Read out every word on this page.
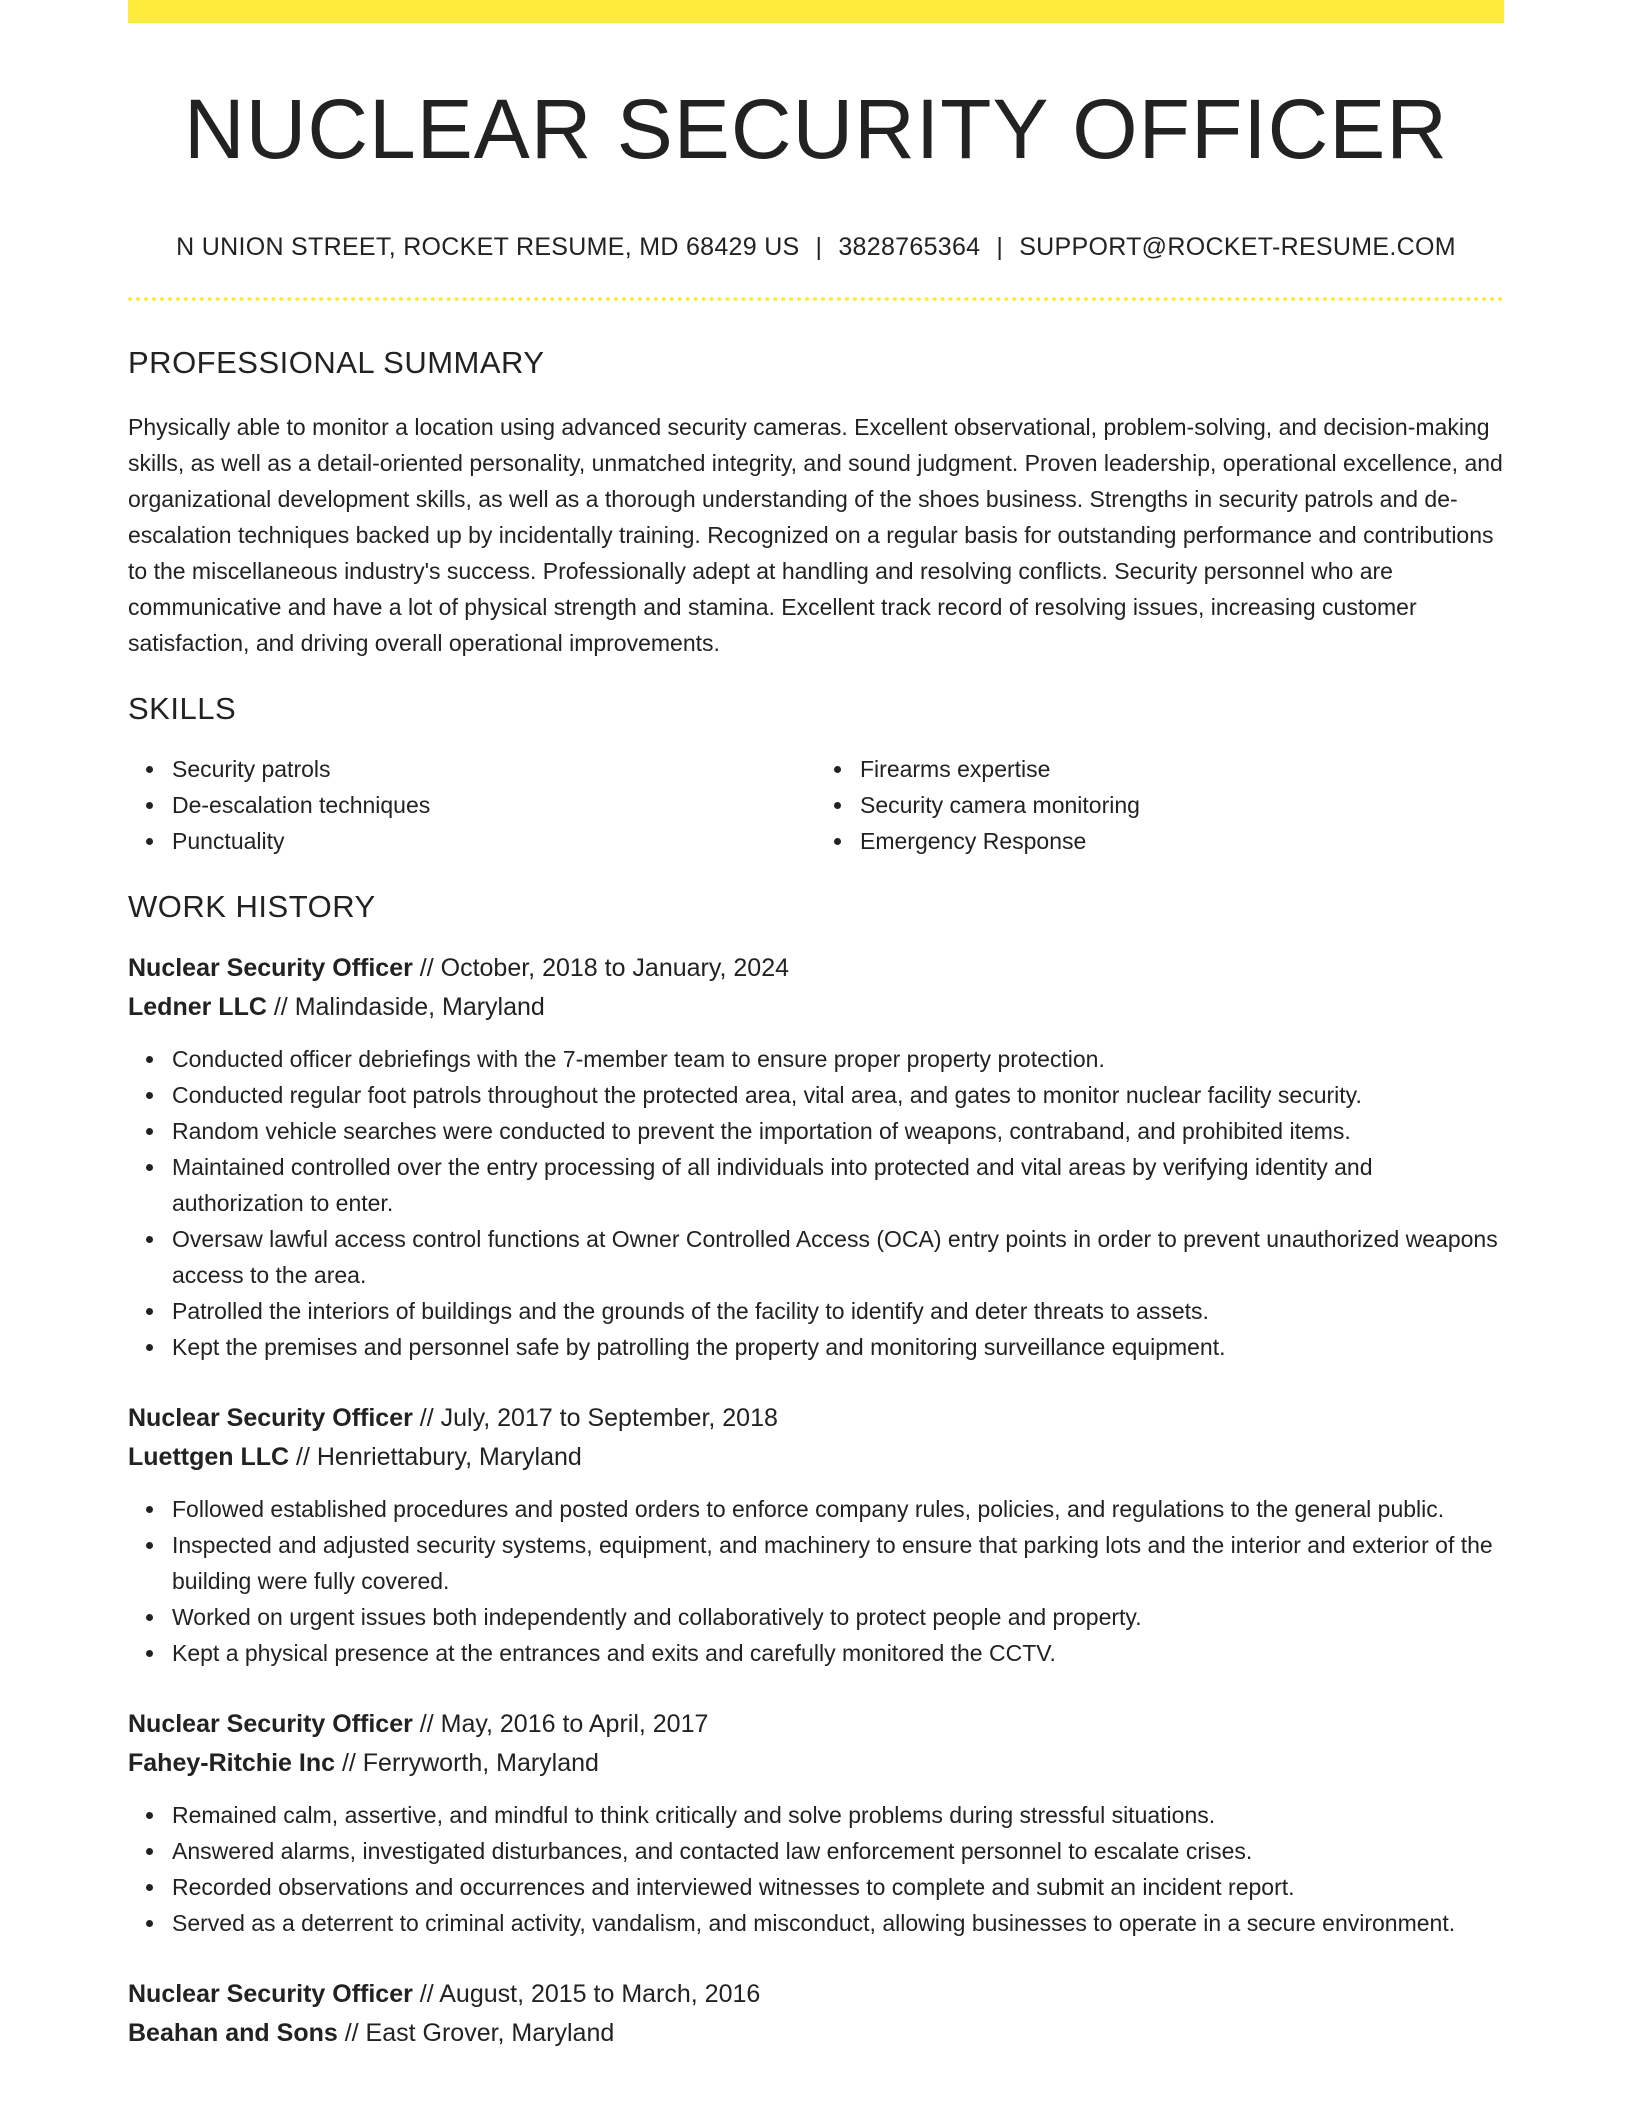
NUCLEAR SECURITY OFFICER
N UNION STREET, ROCKET RESUME, MD 68429 US | 3828765364 | SUPPORT@ROCKET-RESUME.COM
PROFESSIONAL SUMMARY

Physically able to monitor a location using advanced security cameras. Excellent observational, problem-solving, and decision-making skills, as well as a detail-oriented personality, unmatched integrity, and sound judgment. Proven leadership, operational excellence, and organizational development skills, as well as a thorough understanding of the shoes business. Strengths in security patrols and de-escalation techniques backed up by incidentally training. Recognized on a regular basis for outstanding performance and contributions to the miscellaneous industry's success. Professionally adept at handling and resolving conflicts. Security personnel who are communicative and have a lot of physical strength and stamina. Excellent track record of resolving issues, increasing customer satisfaction, and driving overall operational improvements.

SKILLS
Security patrols
De-escalation techniques
Punctuality
Firearms expertise
Security camera monitoring
Emergency Response
WORK HISTORY
Nuclear Security Officer // October, 2018 to January, 2024
Ledner LLC // Malindaside, Maryland
Conducted officer debriefings with the 7-member team to ensure proper property protection.
Conducted regular foot patrols throughout the protected area, vital area, and gates to monitor nuclear facility security.
Random vehicle searches were conducted to prevent the importation of weapons, contraband, and prohibited items.
Maintained controlled over the entry processing of all individuals into protected and vital areas by verifying identity and authorization to enter.
Oversaw lawful access control functions at Owner Controlled Access (OCA) entry points in order to prevent unauthorized weapons access to the area.
Patrolled the interiors of buildings and the grounds of the facility to identify and deter threats to assets.
Kept the premises and personnel safe by patrolling the property and monitoring surveillance equipment.
Nuclear Security Officer // July, 2017 to September, 2018
Luettgen LLC // Henriettabury, Maryland
Followed established procedures and posted orders to enforce company rules, policies, and regulations to the general public.
Inspected and adjusted security systems, equipment, and machinery to ensure that parking lots and the interior and exterior of the building were fully covered.
Worked on urgent issues both independently and collaboratively to protect people and property.
Kept a physical presence at the entrances and exits and carefully monitored the CCTV.
Nuclear Security Officer // May, 2016 to April, 2017
Fahey-Ritchie Inc // Ferryworth, Maryland
Remained calm, assertive, and mindful to think critically and solve problems during stressful situations.
Answered alarms, investigated disturbances, and contacted law enforcement personnel to escalate crises.
Recorded observations and occurrences and interviewed witnesses to complete and submit an incident report.
Served as a deterrent to criminal activity, vandalism, and misconduct, allowing businesses to operate in a secure environment.
Nuclear Security Officer // August, 2015 to March, 2016
Beahan and Sons // East Grover, Maryland
